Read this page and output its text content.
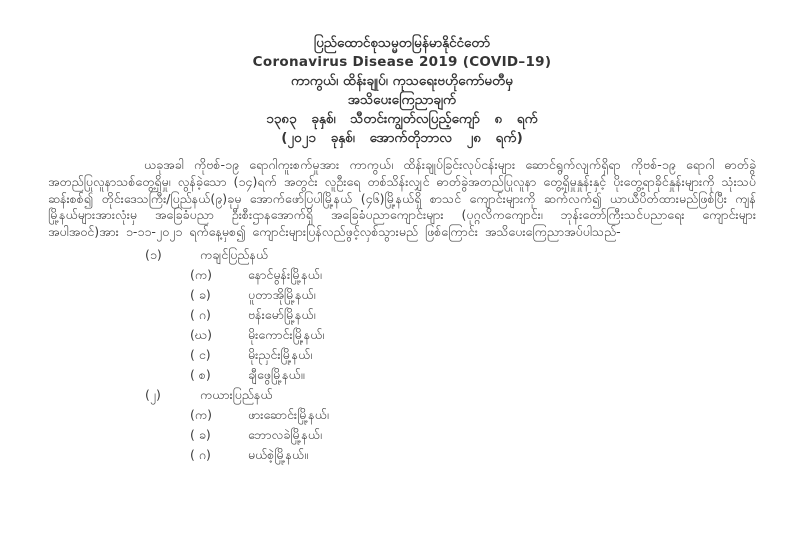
ပြည်ထောင်စုသမ္မတမြန်မာနိုင်ငံတော်
Coronavirus Disease 2019 (COVID–19)
ကာကွယ်၊ ထိန်းချုပ်၊ ကုသရေးဗဟိုကော်မတီမှ
အသိပေးကြေညာချက်
၁၃၈၃ ခုနှစ်၊ သီတင်းကျွတ်လပြည့်ကျော် ၈ ရက်
(၂၀၂၁ ခုနှစ်၊ အောက်တိုဘာလ ၂၈ ရက်)
ယခုအခါ ကိုဗစ်-၁၉ ရောဂါကူးစက်မှုအား ကာကွယ်၊ ထိန်းချုပ်ခြင်းလုပ်ငန်းများ ဆောင်ရွက်လျက်ရှိရာ ကိုဗစ်-၁၉ ရောဂါ ဓာတ်ခွဲအတည်ပြုလူနာသစ်တွေ့ရှိမှု၊ လွန်ခဲ့သော (၁၄)ရက် အတွင်း လူဦးရေ တစ်သိန်းလျှင် ဓာတ်ခွဲအတည်ပြုလူနာ တွေ့ရှိမှုနှုန်းနှင့် ပိုးတွေ့ရာခိုင်နှုန်းများကို သုံးသပ်ဆန်းစစ်၍ တိုင်းဒေသကြီး/ပြည်နယ်(၉)ခုမှ အောက်ဖော်ပြပါမြို့နယ် (၄၆)မြို့နယ်ရှိ စာသင် ကျောင်းများကို ဆက်လက်၍ ယာယီပိတ်ထားမည်ဖြစ်ပြီး ကျန်မြို့နယ်များအားလုံးမှ အခြေခံပညာ ဦးစီးဌာနအောက်ရှိ အခြေခံပညာကျောင်းများ (ပုဂ္ဂလိကကျောင်း၊ ဘုန်းတော်ကြီးသင်ပညာရေး ကျောင်းများအပါအဝင်)အား ၁-၁၁-၂၀၂၁ ရက်နေ့မှစ၍ ကျောင်းများပြန်လည်ဖွင့်လှစ်သွားမည် ဖြစ်ကြောင်း အသိပေးကြေညာအပ်ပါသည်-
(၁)	ကချင်ပြည်နယ်
(က)	နောင်မွန်းမြို့နယ်၊
( ခ)	ပူတာအိုမြို့နယ်၊
( ဂ)	ဗန်းမော်မြို့နယ်၊
(ဃ)	မိုးကောင်းမြို့နယ်၊
( င)	မိုးညှင်းမြို့နယ်၊
( စ)	ချီဖွေမြို့နယ်။
(၂)	ကယားပြည်နယ်
(က)	ဖားဆောင်းမြို့နယ်၊
( ခ)	ဘောလခဲမြို့နယ်၊
( ဂ)	မယ်စဲ့မြို့နယ်။
